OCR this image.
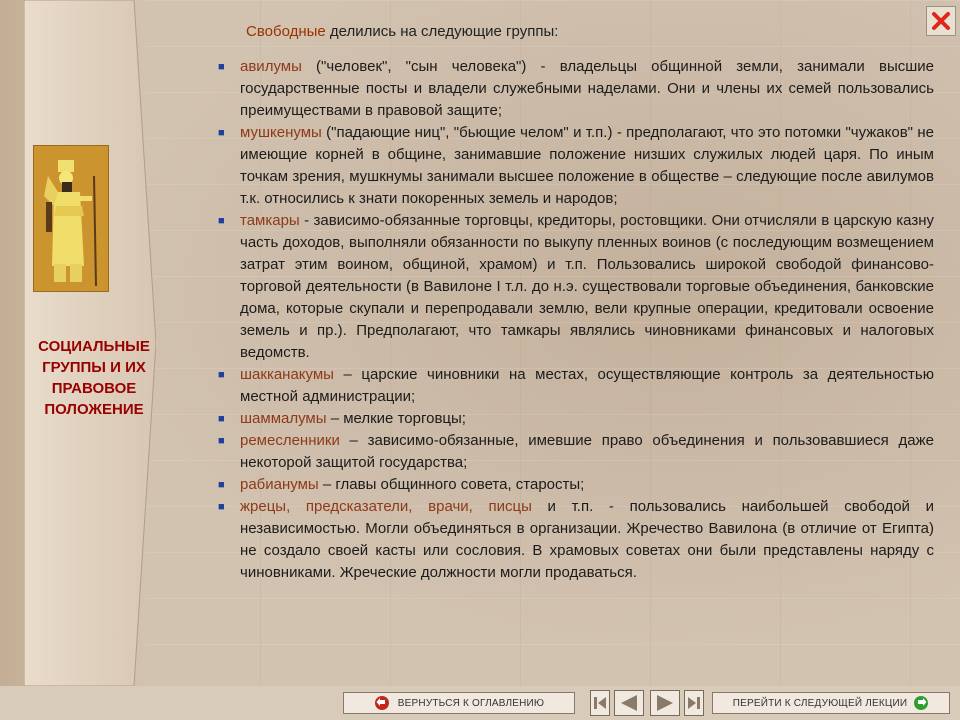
СОЦИАЛЬНЫЕ
ГРУППЫ И ИХ
ПРАВОВОЕ
ПОЛОЖЕНИЕ
Свободные делились на следующие группы:

■ авилумы ("человек", "сын человека") - владельцы общинной земли, занимали высшие государственные посты и владели служебными наделами. Они и члены их семей пользовались преимуществами в правовой защите;

■ мушкенумы ("падающие ниц", "бьющие челом" и т.п.) - предполагают, что это потомки "чужаков" не имеющие корней в общине, занимавшие положение низших служилых людей царя. По иным точкам зрения, мушкнумы занимали высшее положение в обществе – следующие после авилумов т.к. относились к знати покоренных земель и народов;

■ тамкары - зависимо-обязанные торговцы, кредиторы, ростовщики. Они отчисляли в царскую казну часть доходов, выполняли обязанности по выкупу пленных воинов (с последующим возмещением затрат этим воином, общиной, храмом) и т.п. Пользовались широкой свободой финансово-торговой деятельности (в Вавилоне I т.л. до н.э. существовали торговые объединения, банковские дома, которые скупали и перепродавали землю, вели крупные операции, кредитовали освоение земель и пр.). Предполагают, что тамкары являлись чиновниками финансовых и налоговых ведомств.

■ шакканакумы – царские чиновники на местах, осуществляющие контроль за деятельностью местной администрации;

■ шаммалумы – мелкие торговцы;

■ ремесленники – зависимо-обязанные, имевшие право объединения и пользовавшиеся даже некоторой защитой государства;

■ рабианумы – главы общинного совета, старосты;

■ жрецы, предсказатели, врачи, писцы и т.п. - пользовались наибольшей свободой и независимостью. Могли объединяться в организации. Жречество Вавилона (в отличие от Египта) не создало своей касты или сословия. В храмовых советах они были представлены наряду с чиновниками. Жреческие должности могли продаваться.

ВЕРНУТЬСЯ К ОГЛАВЛЕНИЮ	ПЕРЕЙТИ К СЛЕДУЮЩЕЙ ЛЕКЦИИ
